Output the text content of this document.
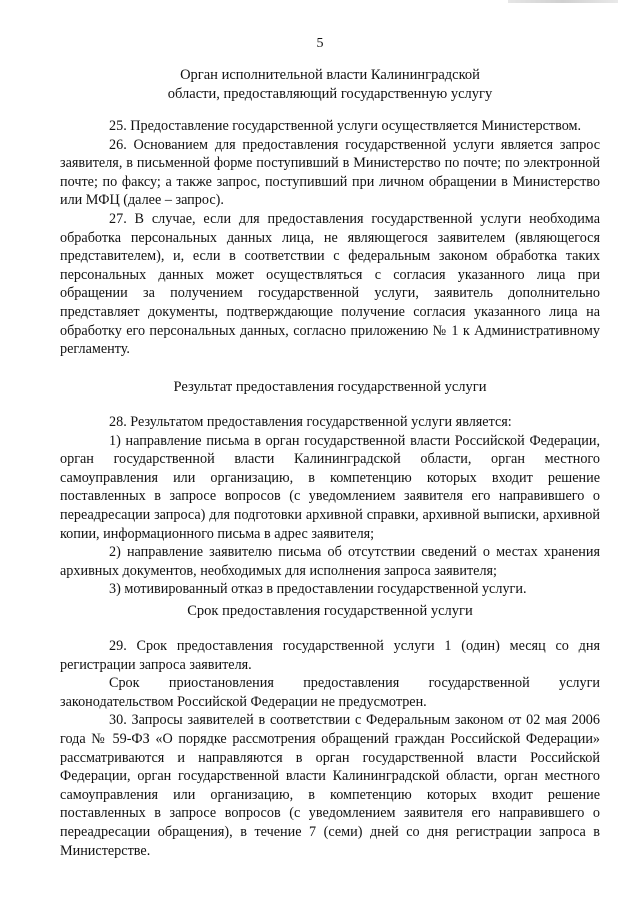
5
Орган исполнительной власти Калининградской
области, предоставляющий государственную услугу

25. Предоставление государственной услуги осуществляется Министерством.

26. Основанием для предоставления государственной услуги является запрос заявителя, в письменной форме поступивший в Министерство по почте; по электронной почте; по факсу; а также запрос, поступивший при личном обращении в Министерство или МФЦ (далее – запрос).

27. В случае, если для предоставления государственной услуги необходима обработка персональных данных лица, не являющегося заявителем (являющегося представителем), и, если в соответствии с федеральным законом обработка таких персональных данных может осуществляться с согласия указанного лица при обращении за получением государственной услуги, заявитель дополнительно представляет документы, подтверждающие получение согласия указанного лица на обработку его персональных данных, согласно приложению № 1 к Административному регламенту.

Результат предоставления государственной услуги

28. Результатом предоставления государственной услуги является:

1) направление письма в орган государственной власти Российской Федерации, орган государственной власти Калининградской области, орган местного самоуправления или организацию, в компетенцию которых входит решение поставленных в запросе вопросов (с уведомлением заявителя его направившего о переадресации запроса) для подготовки архивной справки, архивной выписки, архивной копии, информационного письма в адрес заявителя;

2) направление заявителю письма об отсутствии сведений о местах хранения архивных документов, необходимых для исполнения запроса заявителя;

3) мотивированный отказ в предоставлении государственной услуги.

Срок предоставления государственной услуги

29. Срок предоставления государственной услуги 1 (один) месяц со дня регистрации запроса заявителя.

Срок приостановления предоставления государственной услуги законодательством Российской Федерации не предусмотрен.

30. Запросы заявителей в соответствии с Федеральным законом от 02 мая 2006 года № 59-ФЗ «О порядке рассмотрения обращений граждан Российской Федерации» рассматриваются и направляются в орган государственной власти Российской Федерации, орган государственной власти Калининградской области, орган местного самоуправления или организацию, в компетенцию которых входит решение поставленных в запросе вопросов (с уведомлением заявителя его направившего о переадресации обращения), в течение 7 (семи) дней со дня регистрации запроса в Министерстве.
